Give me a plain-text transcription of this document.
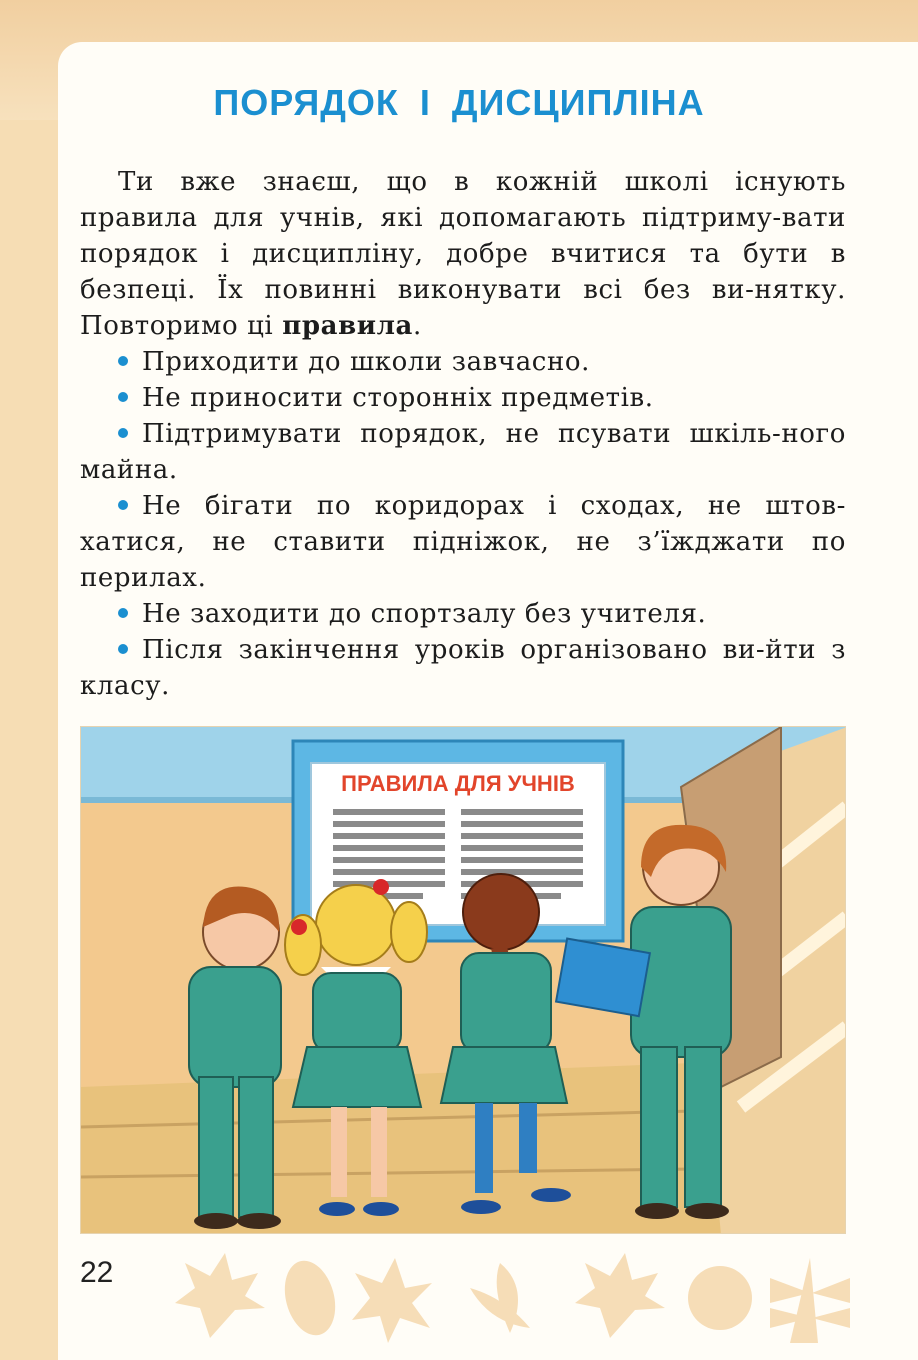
ПОРЯДОК І ДИСЦИПЛІНА

Ти вже знаєш, що в кожній школі існують правила для учнів, які допомагають підтриму-вати порядок і дисципліну, добре вчитися та бути в безпеці. Їх повинні виконувати всі без ви-нятку. Повторимо ці правила.

Приходити до школи завчасно.

Не приносити сторонніх предметів.

Підтримувати порядок, не псувати шкіль-ного майна.

Не бігати по коридорах і сходах, не штов-хатися, не ставити підніжок, не з’їжджати по перилах.

Не заходити до спортзалу без учителя.

Після закінчення уроків організовано ви-йти з класу.

ПРАВИЛА ДЛЯ УЧНІВ
22
